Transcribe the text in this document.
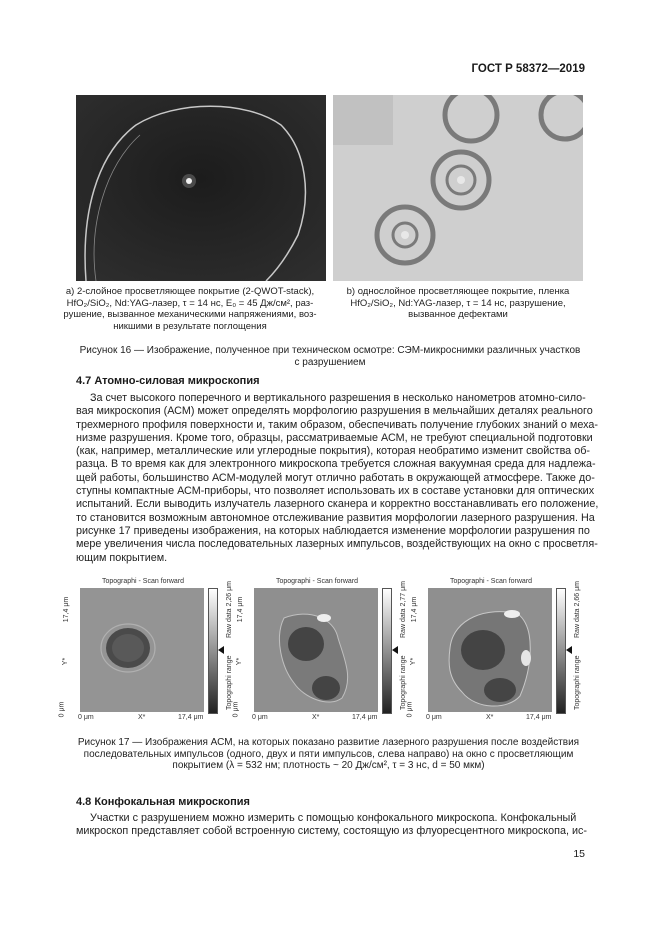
ГОСТ Р 58372—2019
a) 2-слойное просветляющее покрытие (2-QWOT-stack),
HfO₂/SiO₂, Nd:YAG-лазер, τ = 14 нс, E₀ = 45 Дж/см², раз-
рушение, вызванное механическими напряжениями, воз-
никшими в результате поглощения
b) однослойное просветляющее покрытие, пленка
HfO₂/SiO₂, Nd:YAG-лазер, τ = 14 нс, разрушение,
вызванное дефектами
Рисунок 16 — Изображение, полученное при техническом осмотре: СЭМ-микроснимки различных участков
с разрушением
4.7 Атомно-силовая микроскопия
За счет высокого поперечного и вертикального разрешения в несколько нанометров атомно-сило-
вая микроскопия (АСМ) может определять морфологию разрушения в мельчайших деталях реального
трехмерного профиля поверхности и, таким образом, обеспечивать получение глубоких знаний о меха-
низме разрушения. Кроме того, образцы, рассматриваемые АСМ, не требуют специальной подготовки
(как, например, металлические или углеродные покрытия), которая необратимо изменит свойства об-
разца. В то время как для электронного микроскопа требуется сложная вакуумная среда для надлежа-
щей работы, большинство АСМ-модулей могут отлично работать в окружающей атмосфере. Также до-
ступны компактные АСМ-приборы, что позволяет использовать их в составе установки для оптических
испытаний. Если выводить излучатель лазерного сканера и корректно восстанавливать его положение,
то становится возможным автономное отслеживание развития морфологии лазерного разрушения. На
рисунке 17 приведены изображения, на которых наблюдается изменение морфологии разрушения по
мере увеличения числа последовательных лазерных импульсов, воздействующих на окно с просветля-
ющим покрытием.
Topographi - Scan forward
17,4 μm
Y*
0 μm
0 μm	X*	17,4 μm
Raw data 2,26 μm
Topographi range
Topographi - Scan forward
17,4 μm
Y*
0 μm
0 μm	X*	17,4 μm
Raw data 2,77 μm
Topographi range
Topographi - Scan forward
17,4 μm
Y*
0 μm
0 μm	X*	17,4 μm
Raw data 2,66 μm
Topographi range
Рисунок 17 — Изображения АСМ, на которых показано развитие лазерного разрушения после воздействия
последовательных импульсов (одного, двух и пяти импульсов, слева направо) на окно с просветляющим
покрытием (λ = 532 нм; плотность ~ 20 Дж/см², τ = 3 нс, d = 50 мкм)
4.8 Конфокальная микроскопия
Участки с разрушением можно измерить с помощью конфокального микроскопа. Конфокальный
микроскоп представляет собой встроенную систему, состоящую из флуоресцентного микроскопа, ис-
15
